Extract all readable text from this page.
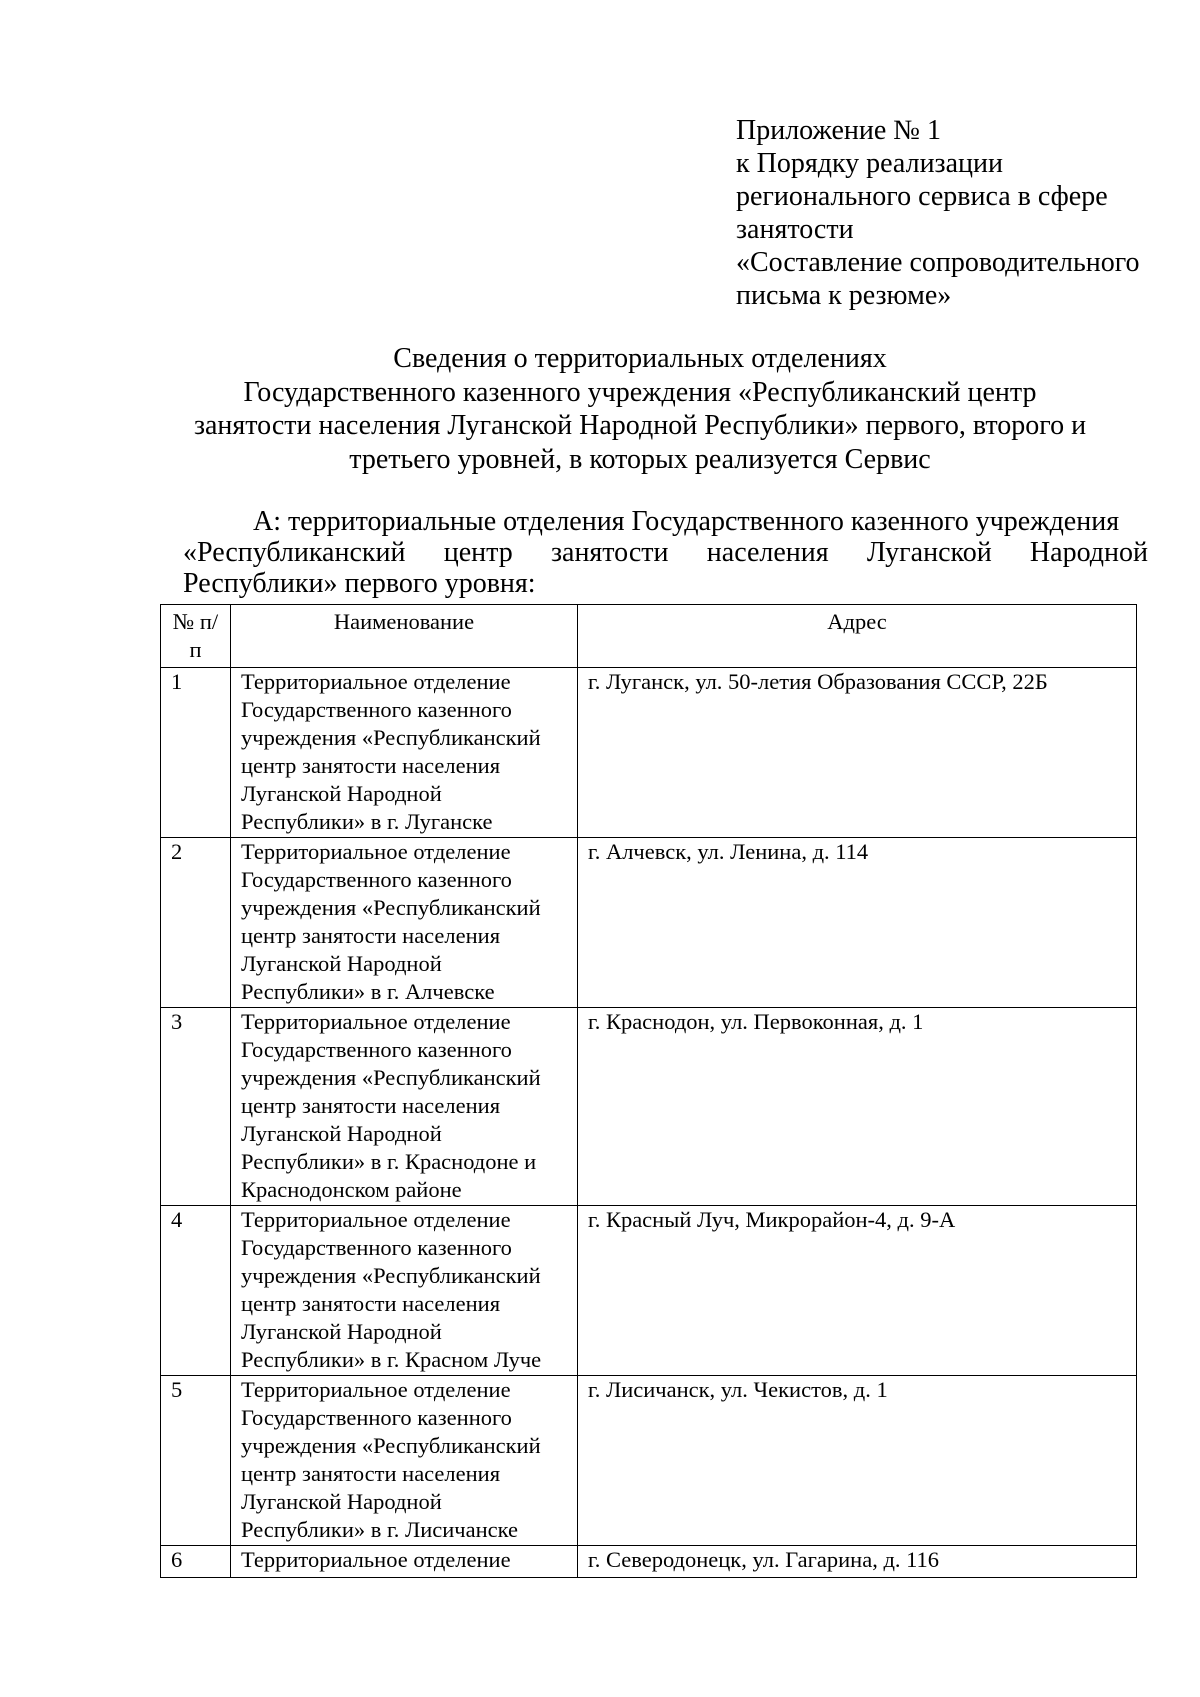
Приложение № 1
к Порядку реализации
регионального сервиса в сфере
занятости
«Составление сопроводительного
письма к резюме»
Сведения о территориальных отделениях
Государственного казенного учреждения «Республиканский центр
занятости населения Луганской Народной Республики» первого, второго и
третьего уровней, в которых реализуется Сервис
А: территориальные отделения Государственного казенного учреждения
«Республиканский центр занятости населения Луганской Народной
Республики» первого уровня:
№ п/п	Наименование	Адрес
1	Территориальное отделение Государственного казенного учреждения «Республиканский центр занятости населения Луганской Народной Республики» в г. Луганске	г. Луганск, ул. 50-летия Образования СССР, 22Б
2	Территориальное отделение Государственного казенного учреждения «Республиканский центр занятости населения Луганской Народной Республики» в г. Алчевске	г. Алчевск, ул. Ленина, д. 114
3	Территориальное отделение Государственного казенного учреждения «Республиканский центр занятости населения Луганской Народной Республики» в г. Краснодоне и Краснодонском районе	г. Краснодон, ул. Первоконная, д. 1
4	Территориальное отделение Государственного казенного учреждения «Республиканский центр занятости населения Луганской Народной Республики» в г. Красном Луче	г. Красный Луч, Микрорайон-4, д. 9-А
5	Территориальное отделение Государственного казенного учреждения «Республиканский центр занятости населения Луганской Народной Республики» в г. Лисичанске	г. Лисичанск, ул. Чекистов, д. 1
6	Территориальное отделение	г. Северодонецк, ул. Гагарина, д. 116
